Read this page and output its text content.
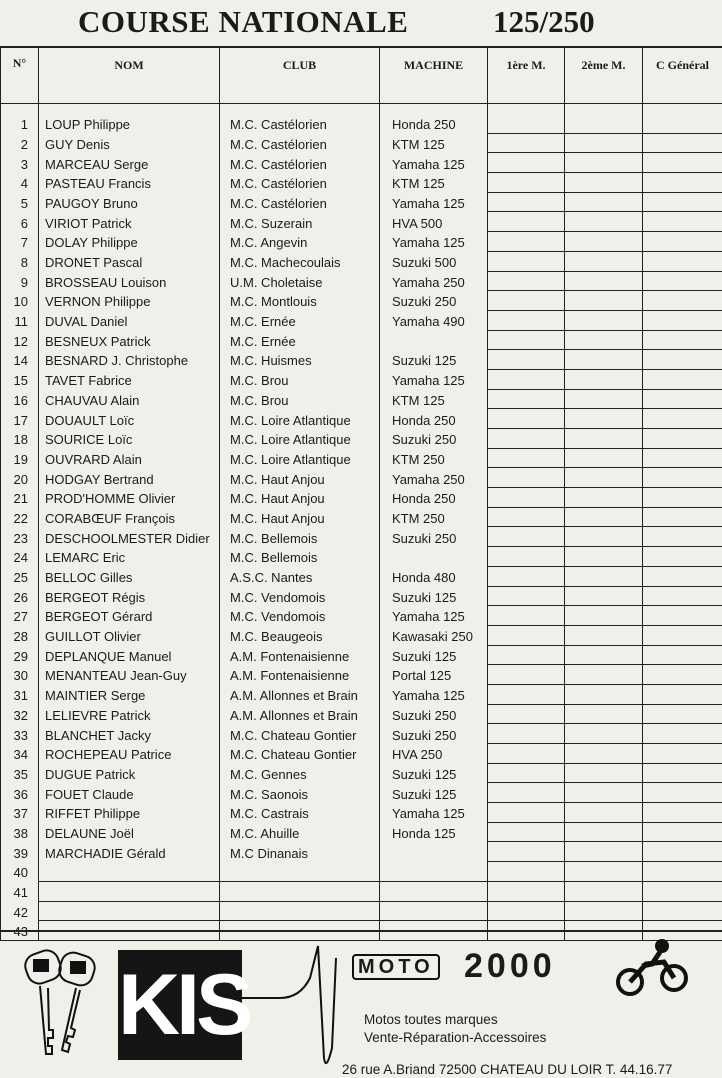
COURSE NATIONALE	125/250
N°	NOM	CLUB	MACHINE	1ère M.	2ème M.	C Général
1	LOUP Philippe	M.C. Castélorien	Honda 250			
2	GUY Denis	M.C. Castélorien	KTM 125			
3	MARCEAU Serge	M.C. Castélorien	Yamaha 125			
4	PASTEAU Francis	M.C. Castélorien	KTM 125			
5	PAUGOY Bruno	M.C. Castélorien	Yamaha 125			
6	VIRIOT Patrick	M.C. Suzerain	HVA 500			
7	DOLAY Philippe	M.C. Angevin	Yamaha 125			
8	DRONET Pascal	M.C. Machecoulais	Suzuki 500			
9	BROSSEAU Louison	U.M. Choletaise	Yamaha 250			
10	VERNON Philippe	M.C. Montlouis	Suzuki 250			
11	DUVAL Daniel	M.C. Ernée	Yamaha 490			
12	BESNEUX Patrick	M.C. Ernée				
14	BESNARD J. Christophe	M.C. Huismes	Suzuki 125			
15	TAVET Fabrice	M.C. Brou	Yamaha 125			
16	CHAUVAU Alain	M.C. Brou	KTM 125			
17	DOUAULT Loïc	M.C. Loire Atlantique	Honda 250			
18	SOURICE Loïc	M.C. Loire Atlantique	Suzuki 250			
19	OUVRARD Alain	M.C. Loire Atlantique	KTM 250			
20	HODGAY Bertrand	M.C. Haut Anjou	Yamaha 250			
21	PROD'HOMME Olivier	M.C. Haut Anjou	Honda 250			
22	CORABŒUF François	M.C. Haut Anjou	KTM 250			
23	DESCHOOLMESTER Didier	M.C. Bellemois	Suzuki 250			
24	LEMARC Eric	M.C. Bellemois				
25	BELLOC Gilles	A.S.C. Nantes	Honda 480			
26	BERGEOT Régis	M.C. Vendomois	Suzuki 125			
27	BERGEOT Gérard	M.C. Vendomois	Yamaha 125			
28	GUILLOT Olivier	M.C. Beaugeois	Kawasaki 250			
29	DEPLANQUE Manuel	A.M. Fontenaisienne	Suzuki 125			
30	MENANTEAU Jean-Guy	A.M. Fontenaisienne	Portal 125			
31	MAINTIER Serge	A.M. Allonnes et Brain	Yamaha 125			
32	LELIEVRE Patrick	A.M. Allonnes et Brain	Suzuki 250			
33	BLANCHET Jacky	M.C. Chateau Gontier	Suzuki 250			
34	ROCHEPEAU Patrice	M.C. Chateau Gontier	HVA 250			
35	DUGUE Patrick	M.C. Gennes	Suzuki 125			
36	FOUET Claude	M.C. Saonois	Suzuki 125			
37	RIFFET Philippe	M.C. Castrais	Yamaha 125			
38	DELAUNE Joël	M.C. Ahuille	Honda 125			
39	MARCHADIE Gérald	M.C Dinanais				
40						
41						
42						
43						
KIS	MOTO 2000
Motos toutes marques
Vente-Réparation-Accessoires
26 rue A.Briand 72500 CHATEAU DU LOIR T. 44.16.77
